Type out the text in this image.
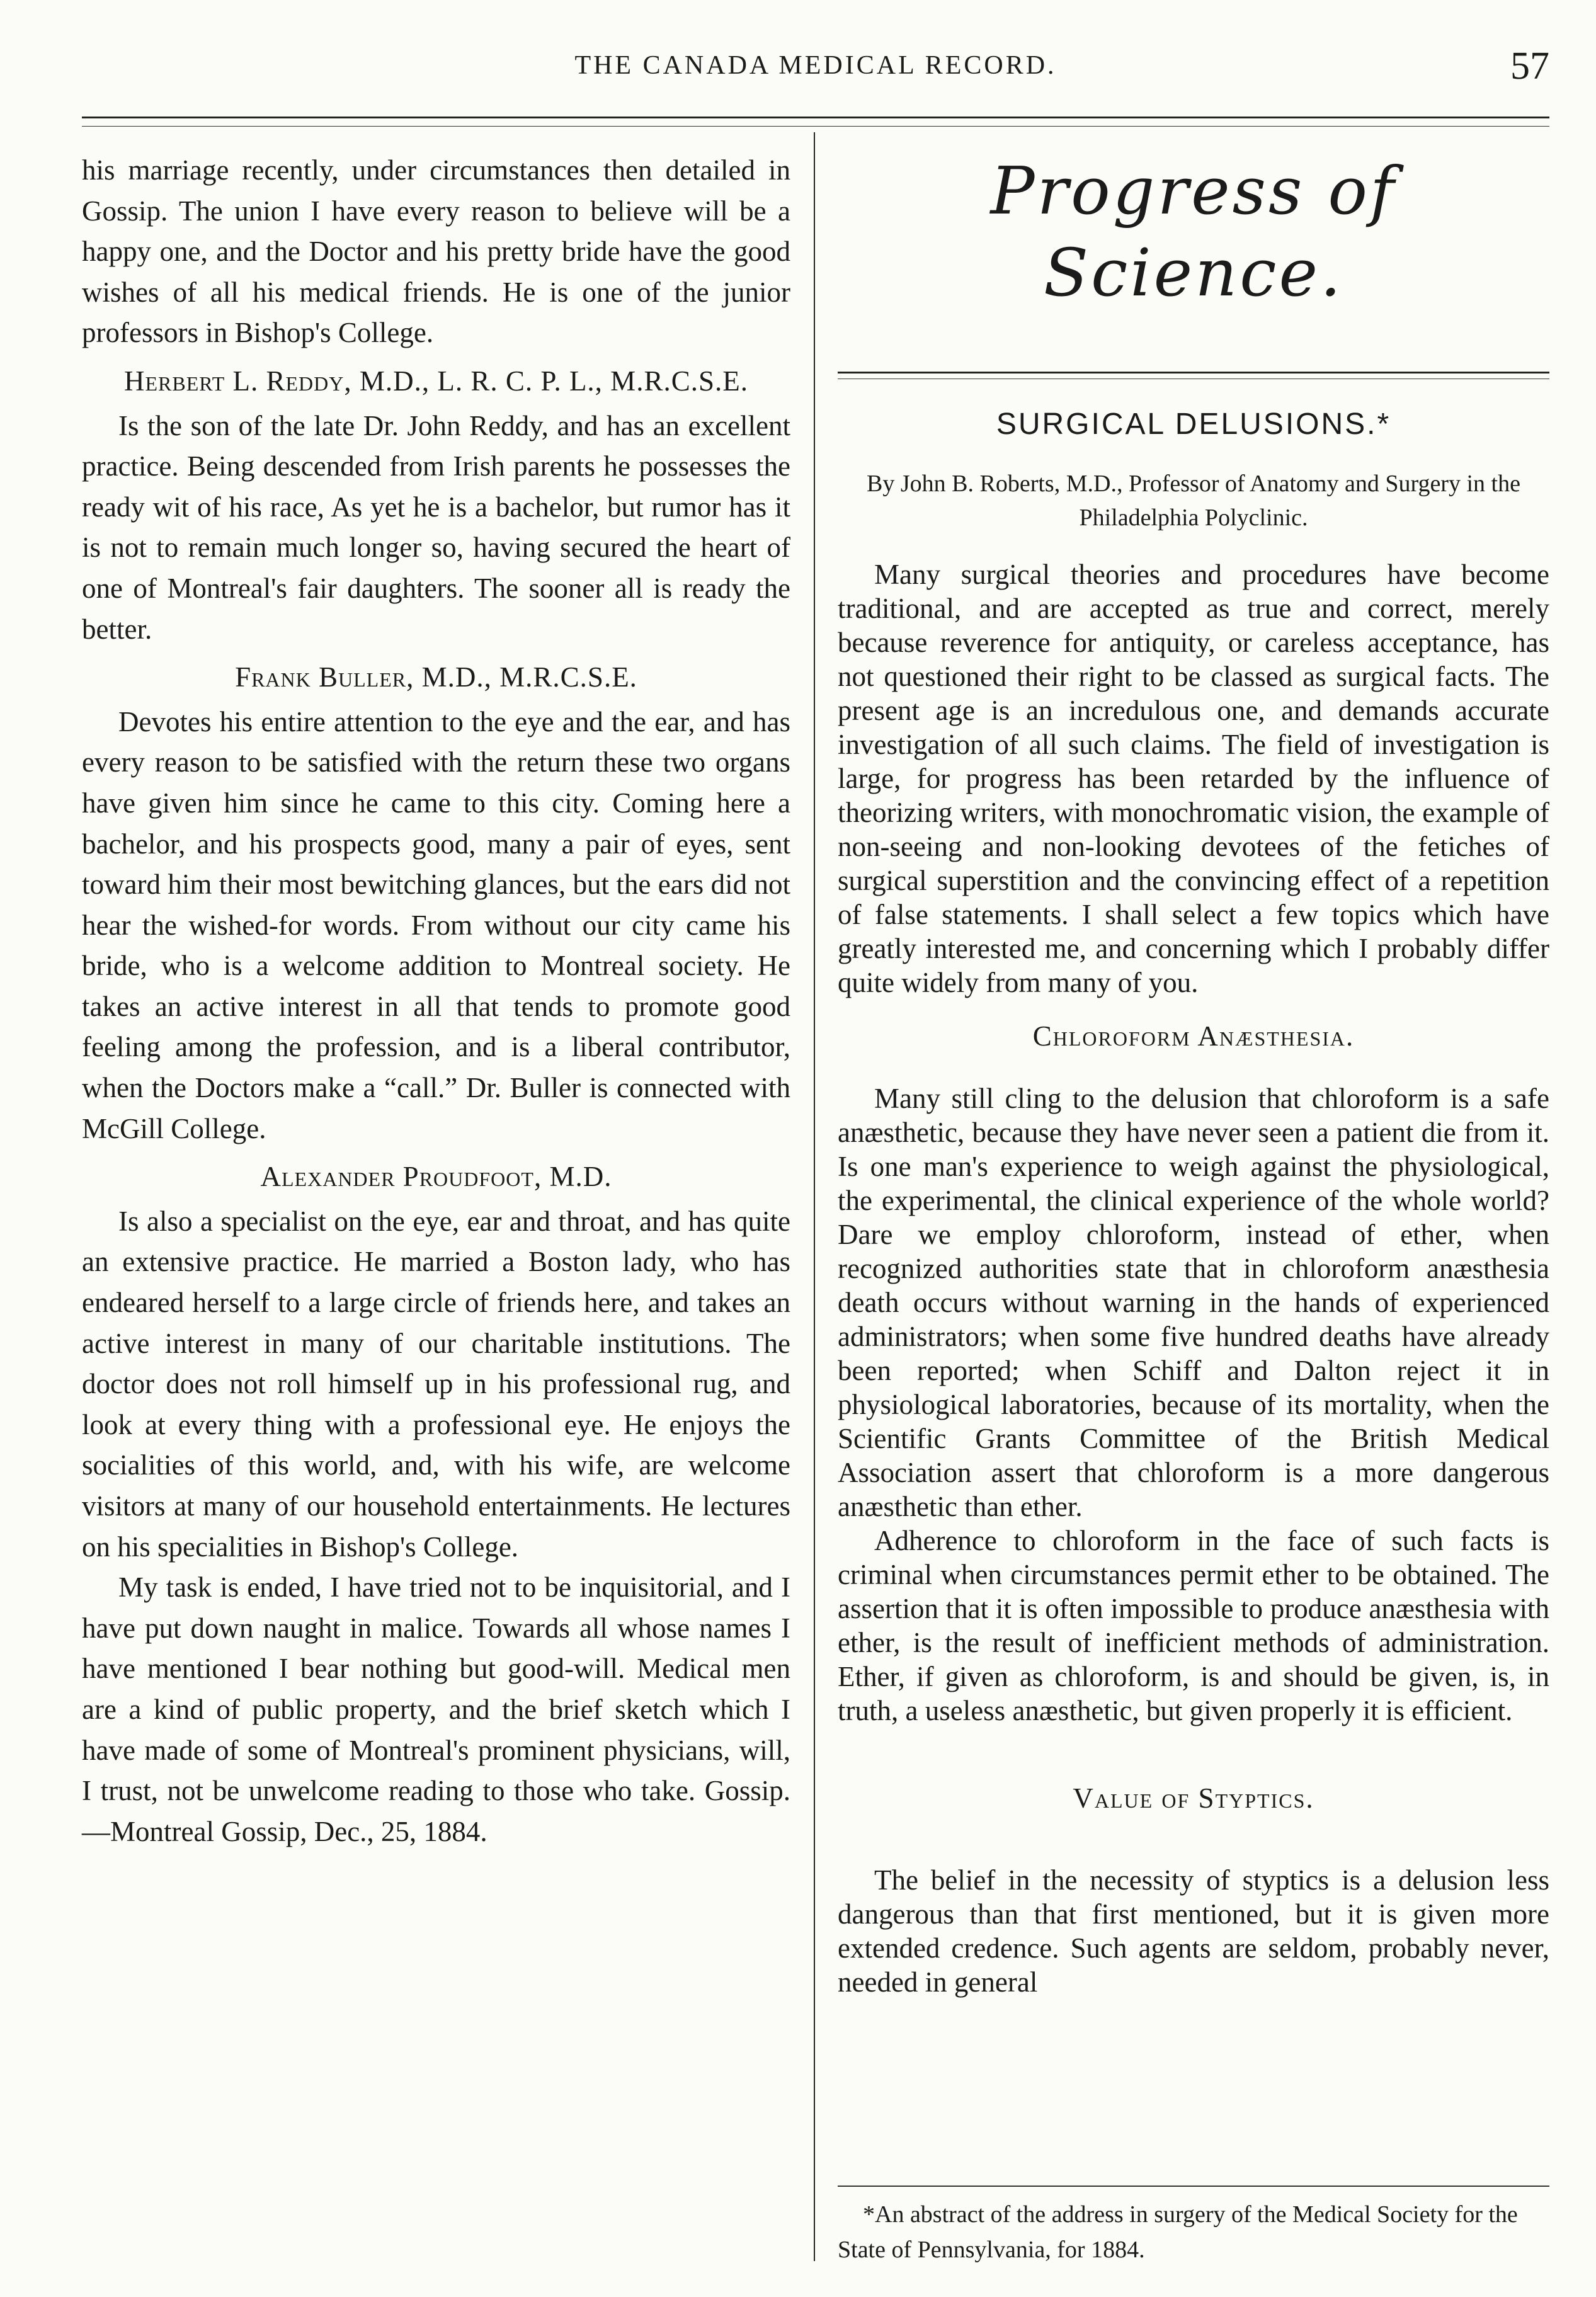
THE CANADA MEDICAL RECORD.	57

his marriage recently, under circumstances then detailed in Gossip. The union I have every reason to believe will be a happy one, and the Doctor and his pretty bride have the good wishes of all his medical friends. He is one of the junior professors in Bishop's College.

Herbert L. Reddy, M.D., L. R. C. P. L., M.R.C.S.E.

Is the son of the late Dr. John Reddy, and has an excellent practice. Being descended from Irish parents he possesses the ready wit of his race, As yet he is a bachelor, but rumor has it is not to remain much longer so, having secured the heart of one of Montreal's fair daughters. The sooner all is ready the better.

Frank Buller, M.D., M.R.C.S.E.

Devotes his entire attention to the eye and the ear, and has every reason to be satisfied with the return these two organs have given him since he came to this city. Coming here a bachelor, and his prospects good, many a pair of eyes, sent toward him their most bewitching glances, but the ears did not hear the wished-for words. From without our city came his bride, who is a welcome addition to Montreal society. He takes an active interest in all that tends to promote good feeling among the profession, and is a liberal contributor, when the Doctors make a “call.” Dr. Buller is connected with McGill College.

Alexander Proudfoot, M.D.

Is also a specialist on the eye, ear and throat, and has quite an extensive practice. He married a Boston lady, who has endeared herself to a large circle of friends here, and takes an active interest in many of our charitable institutions. The doctor does not roll himself up in his professional rug, and look at every thing with a professional eye. He enjoys the socialities of this world, and, with his wife, are welcome visitors at many of our household entertainments. He lectures on his specialities in Bishop's College.

My task is ended, I have tried not to be inquisitorial, and I have put down naught in malice. Towards all whose names I have mentioned I bear nothing but good-will. Medical men are a kind of public property, and the brief sketch which I have made of some of Montreal's prominent physicians, will, I trust, not be unwelcome reading to those who take. Gossip.—Montreal Gossip, Dec., 25, 1884.

Progress of Science.
SURGICAL DELUSIONS.*
By John B. Roberts, M.D., Professor of Anatomy and Surgery in the Philadelphia Polyclinic.

Many surgical theories and procedures have become traditional, and are accepted as true and correct, merely because reverence for antiquity, or careless acceptance, has not questioned their right to be classed as surgical facts. The present age is an incredulous one, and demands accurate investigation of all such claims. The field of investigation is large, for progress has been retarded by the influence of theorizing writers, with monochromatic vision, the example of non-seeing and non-looking devotees of the fetiches of surgical superstition and the convincing effect of a repetition of false statements. I shall select a few topics which have greatly interested me, and concerning which I probably differ quite widely from many of you.

Chloroform Anæsthesia.

Many still cling to the delusion that chloroform is a safe anæsthetic, because they have never seen a patient die from it. Is one man's experience to weigh against the physiological, the experimental, the clinical experience of the whole world? Dare we employ chloroform, instead of ether, when recognized authorities state that in chloroform anæsthesia death occurs without warning in the hands of experienced administrators; when some five hundred deaths have already been reported; when Schiff and Dalton reject it in physiological laboratories, because of its mortality, when the Scientific Grants Committee of the British Medical Association assert that chloroform is a more dangerous anæsthetic than ether.

Adherence to chloroform in the face of such facts is criminal when circumstances permit ether to be obtained. The assertion that it is often impossible to produce anæsthesia with ether, is the result of inefficient methods of administration. Ether, if given as chloroform, is and should be given, is, in truth, a useless anæsthetic, but given properly it is efficient.

Value of Styptics.

The belief in the necessity of styptics is a delusion less dangerous than that first mentioned, but it is given more extended credence. Such agents are seldom, probably never, needed in general

*An abstract of the address in surgery of the Medical Society for the State of Pennsylvania, for 1884.
